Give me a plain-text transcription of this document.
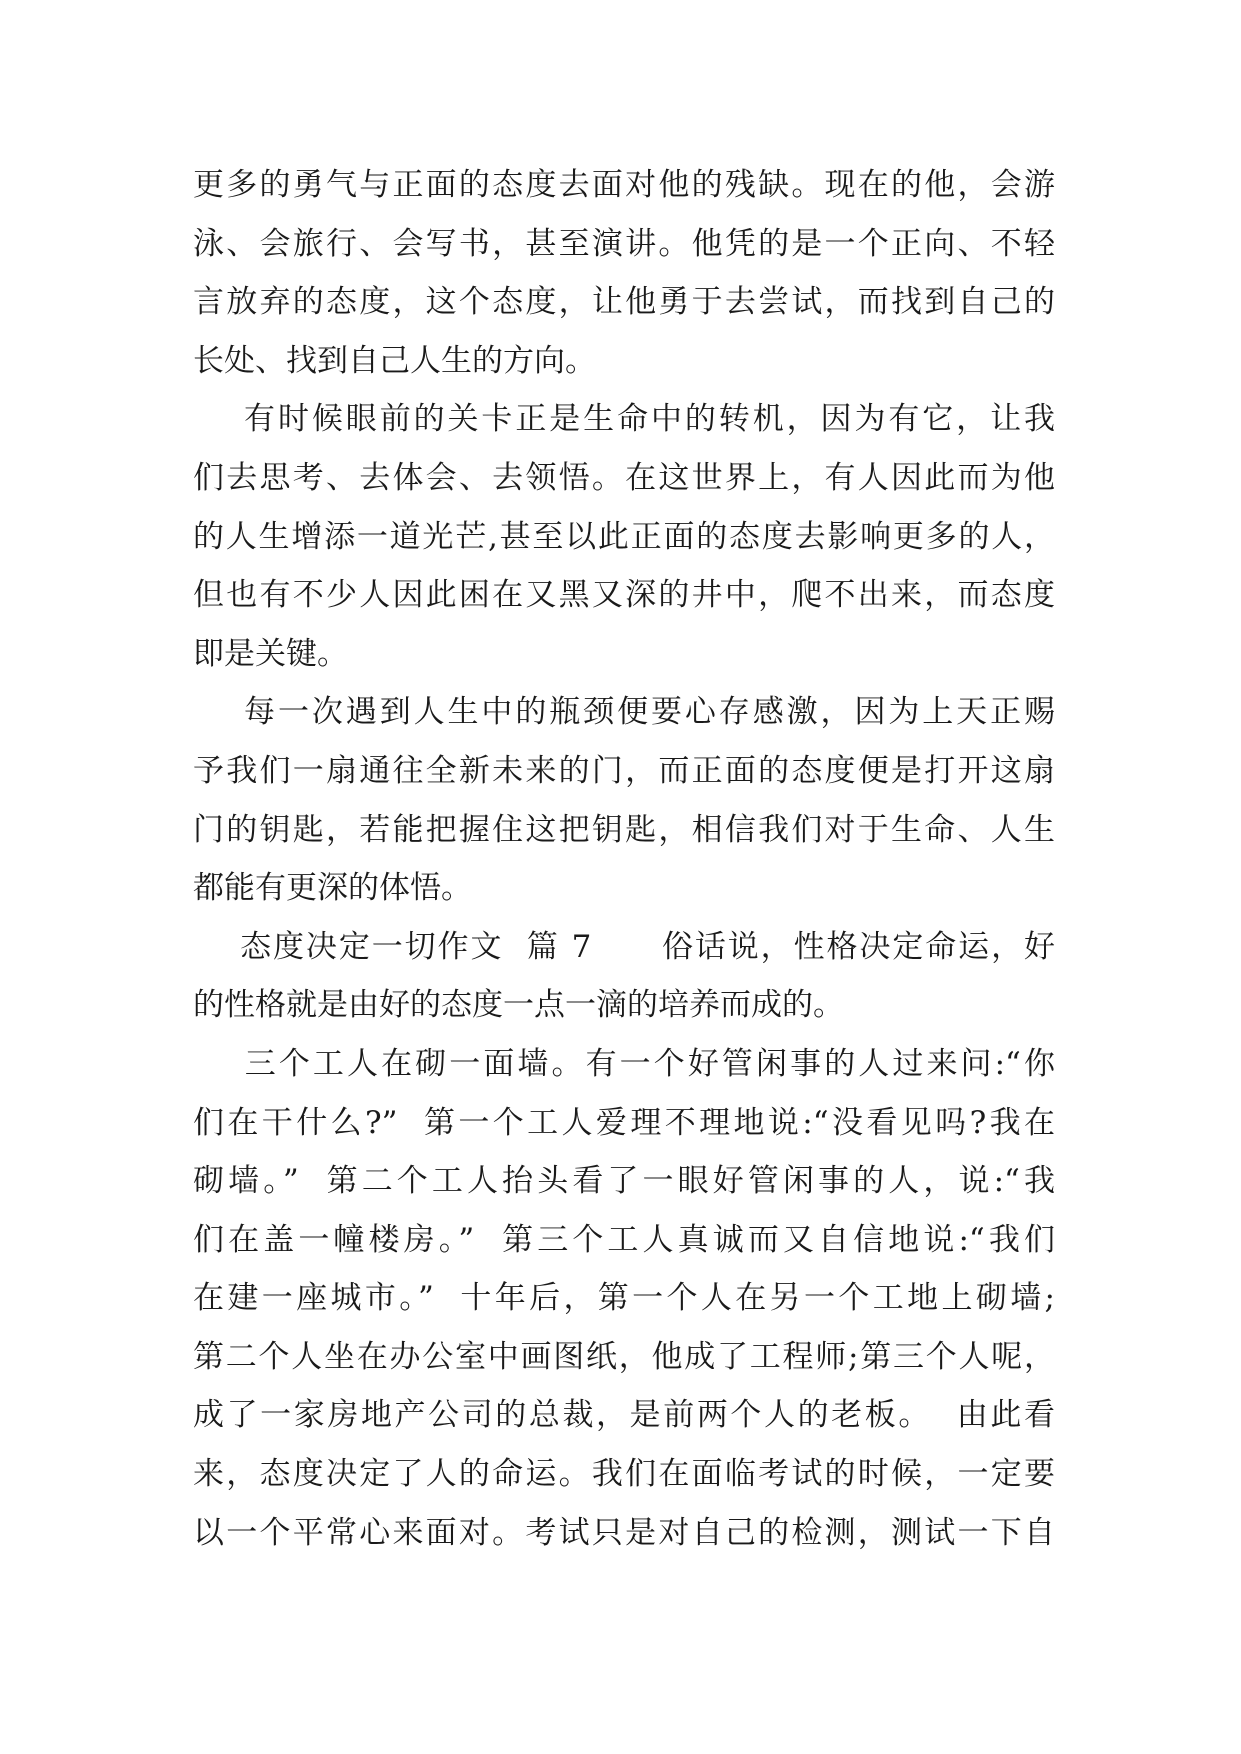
更多的勇气与正面的态度去面对他的残缺。现在的他，会游
泳、会旅行、会写书，甚至演讲。他凭的是一个正向、不轻
言放弃的态度，这个态度，让他勇于去尝试，而找到自己的
长处、找到自己人生的方向。
有时候眼前的关卡正是生命中的转机，因为有它，让我
们去思考、去体会、去领悟。在这世界上，有人因此而为他
的人生增添一道光芒,甚至以此正面的态度去影响更多的人，
但也有不少人因此困在又黑又深的井中，爬不出来，而态度
即是关键。
每一次遇到人生中的瓶颈便要心存感激，因为上天正赐
予我们一扇通往全新未来的门，而正面的态度便是打开这扇
门的钥匙，若能把握住这把钥匙，相信我们对于生命、人生
都能有更深的体悟。
态度决定一切作文  篇 7      俗话说，性格决定命运，好
的性格就是由好的态度一点一滴的培养而成的。
三个工人在砌一面墙。有一个好管闲事的人过来问:“你
们在干什么?”  第一个工人爱理不理地说:“没看见吗?我在
砌墙。”  第二个工人抬头看了一眼好管闲事的人，说:“我
们在盖一幢楼房。”  第三个工人真诚而又自信地说:“我们
在建一座城市。”  十年后，第一个人在另一个工地上砌墙;
第二个人坐在办公室中画图纸，他成了工程师;第三个人呢，
成了一家房地产公司的总裁，是前两个人的老板。  由此看
来，态度决定了人的命运。我们在面临考试的时候，一定要
以一个平常心来面对。考试只是对自己的检测，测试一下自
